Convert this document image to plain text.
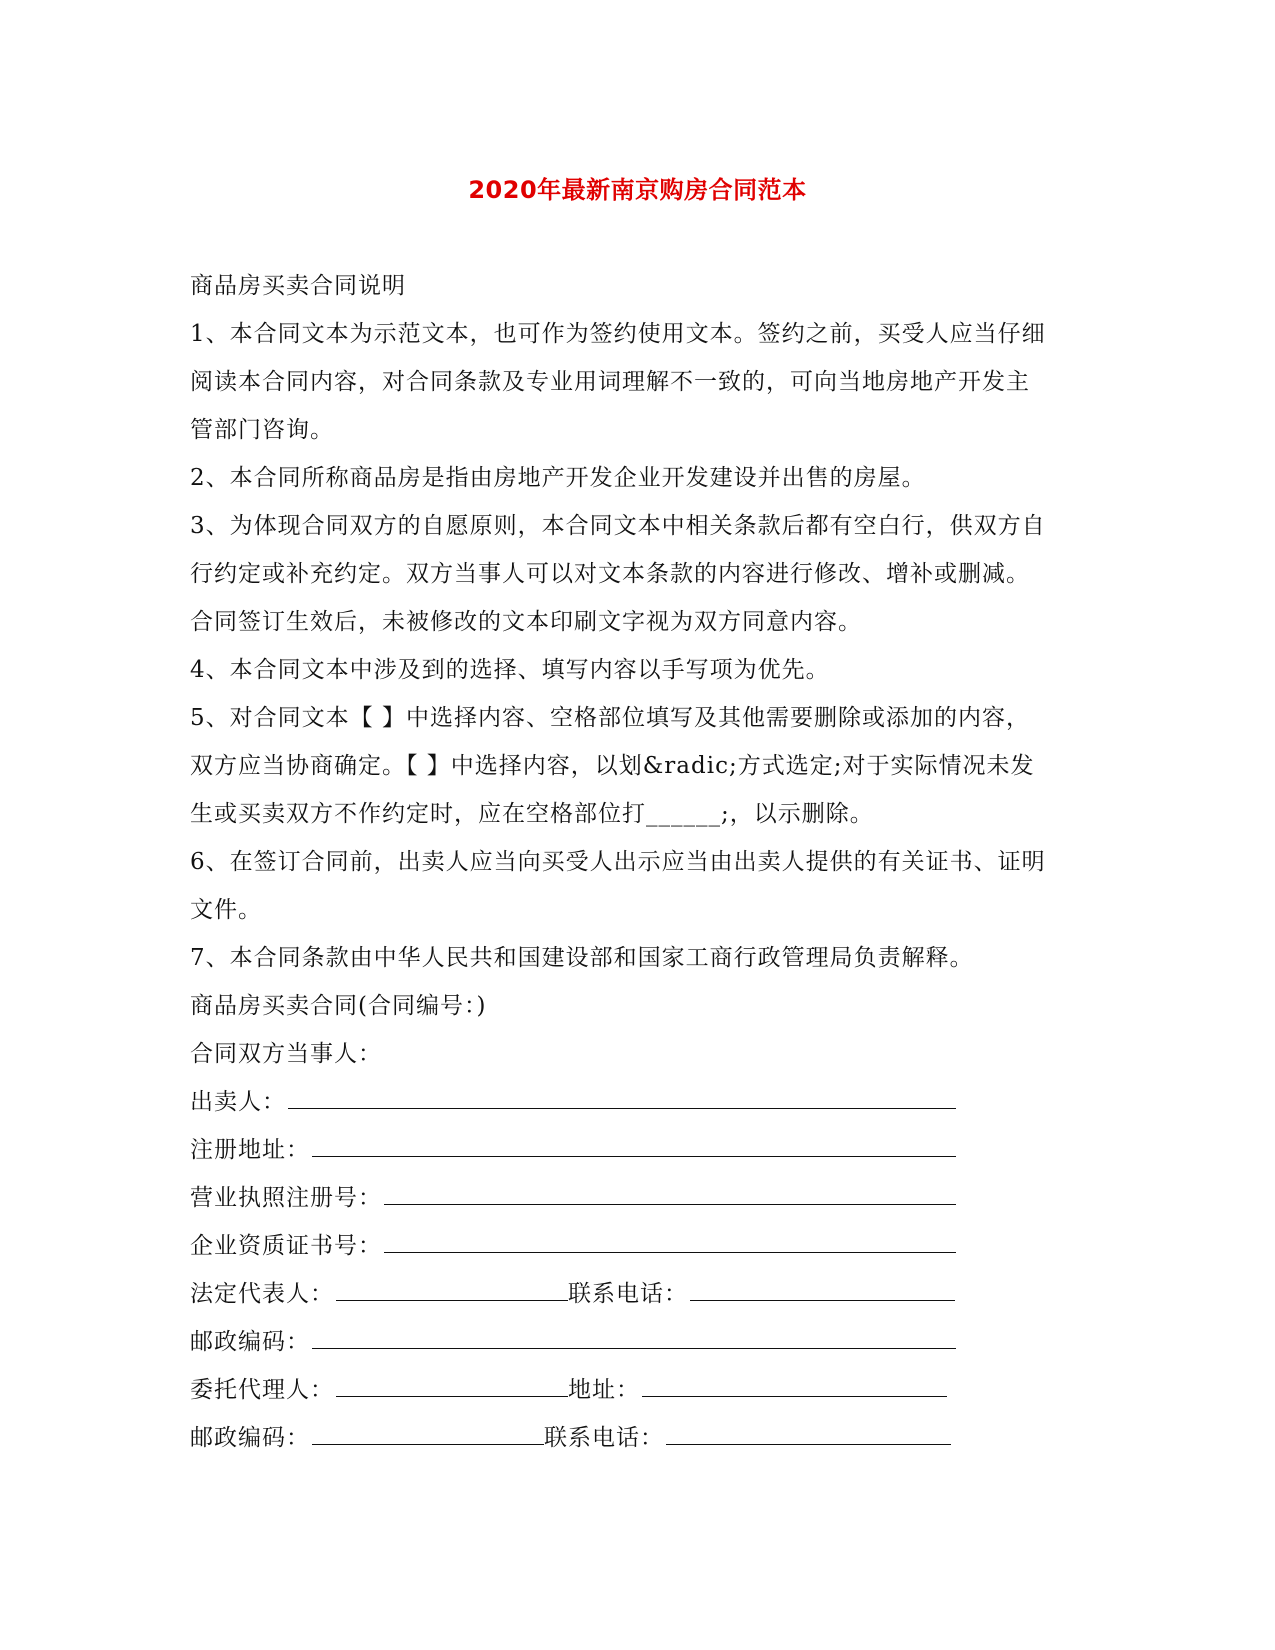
2020年最新南京购房合同范本

商品房买卖合同说明

1、本合同文本为示范文本，也可作为签约使用文本。签约之前，买受人应当仔细

阅读本合同内容，对合同条款及专业用词理解不一致的，可向当地房地产开发主

管部门咨询。

2、本合同所称商品房是指由房地产开发企业开发建设并出售的房屋。

3、为体现合同双方的自愿原则，本合同文本中相关条款后都有空白行，供双方自

行约定或补充约定。双方当事人可以对文本条款的内容进行修改、增补或删减。

合同签订生效后，未被修改的文本印刷文字视为双方同意内容。

4、本合同文本中涉及到的选择、填写内容以手写项为优先。

5、对合同文本【 】中选择内容、空格部位填写及其他需要删除或添加的内容，

双方应当协商确定。【 】中选择内容，以划&radic;方式选定;对于实际情况未发

生或买卖双方不作约定时，应在空格部位打______;，以示删除。

6、在签订合同前，出卖人应当向买受人出示应当由出卖人提供的有关证书、证明

文件。

7、本合同条款由中华人民共和国建设部和国家工商行政管理局负责解释。

商品房买卖合同(合同编号：)

合同双方当事人：

出卖人：
注册地址：
营业执照注册号：
企业资质证书号：
法定代表人：	联系电话：
邮政编码：
委托代理人：	地址：
邮政编码：	联系电话：
